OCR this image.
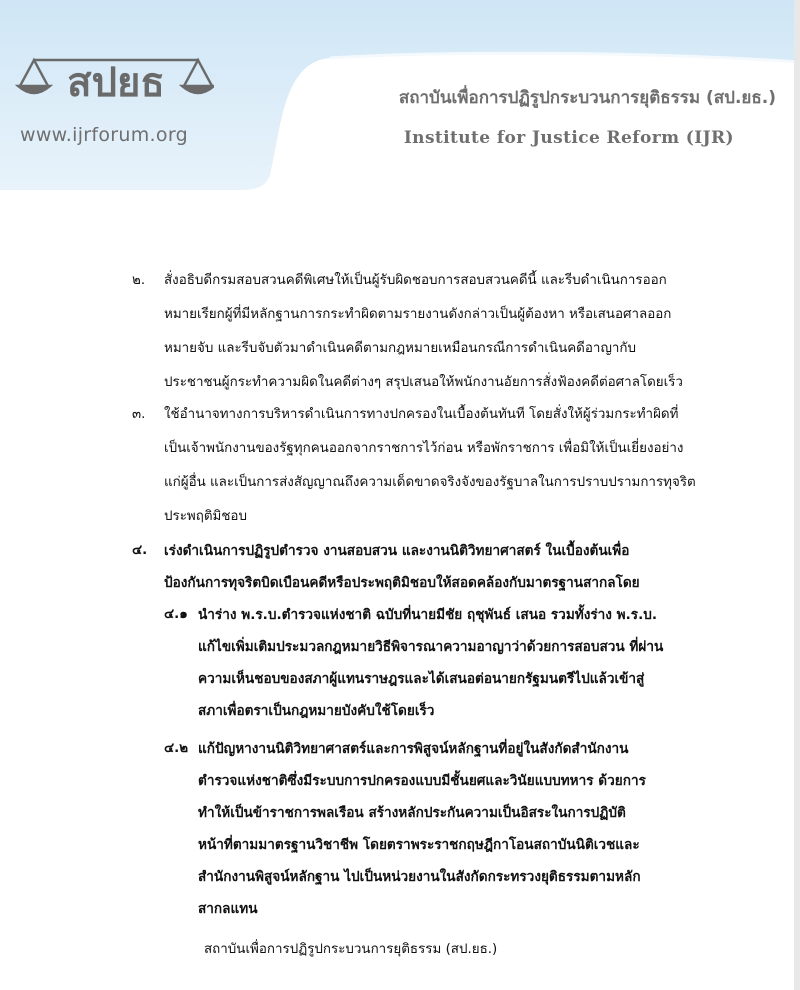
สปยธ
www.ijrforum.org
สถาบันเพื่อการปฏิรูปกระบวนการยุติธรรม (สป.ยธ.)
Institute for Justice Reform (IJR)
๒. สั่งอธิบดีกรมสอบสวนคดีพิเศษให้เป็นผู้รับผิดชอบการสอบสวนคดีนี้ และรีบดำเนินการออก
หมายเรียกผู้ที่มีหลักฐานการกระทำผิดตามรายงานดังกล่าวเป็นผู้ต้องหา หรือเสนอศาลออก
หมายจับ และรีบจับตัวมาดำเนินคดีตามกฎหมายเหมือนกรณีการดำเนินคดีอาญากับ
ประชาชนผู้กระทำความผิดในคดีต่างๆ สรุปเสนอให้พนักงานอัยการสั่งฟ้องคดีต่อศาลโดยเร็ว
๓. ใช้อำนาจทางการบริหารดำเนินการทางปกครองในเบื้องต้นทันที โดยสั่งให้ผู้ร่วมกระทำผิดที่
เป็นเจ้าพนักงานของรัฐทุกคนออกจากราชการไว้ก่อน หรือพักราชการ เพื่อมิให้เป็นเยี่ยงอย่าง
แก่ผู้อื่น และเป็นการส่งสัญญาณถึงความเด็ดขาดจริงจังของรัฐบาลในการปราบปรามการทุจริต
ประพฤติมิชอบ
๔. เร่งดำเนินการปฏิรูปตำรวจ งานสอบสวน และงานนิติวิทยาศาสตร์ ในเบื้องต้นเพื่อ
ป้องกันการทุจริตบิดเบือนคดีหรือประพฤติมิชอบให้สอดคล้องกับมาตรฐานสากลโดย
๔.๑ นำร่าง พ.ร.บ.ตำรวจแห่งชาติ ฉบับที่นายมีชัย ฤชุพันธ์ เสนอ รวมทั้งร่าง พ.ร.บ.
แก้ไขเพิ่มเติมประมวลกฎหมายวิธีพิจารณาความอาญาว่าด้วยการสอบสวน ที่ผ่าน
ความเห็นชอบของสภาผู้แทนราษฎรและได้เสนอต่อนายกรัฐมนตรีไปแล้วเข้าสู่
สภาเพื่อตราเป็นกฎหมายบังคับใช้โดยเร็ว
๔.๒ แก้ปัญหางานนิติวิทยาศาสตร์และการพิสูจน์หลักฐานที่อยู่ในสังกัดสำนักงาน
ตำรวจแห่งชาติซึ่งมีระบบการปกครองแบบมีชั้นยศและวินัยแบบทหาร ด้วยการ
ทำให้เป็นข้าราชการพลเรือน สร้างหลักประกันความเป็นอิสระในการปฏิบัติ
หน้าที่ตามมาตรฐานวิชาชีพ โดยตราพระราชกฤษฎีกาโอนสถาบันนิติเวชและ
สำนักงานพิสูจน์หลักฐาน ไปเป็นหน่วยงานในสังกัดกระทรวงยุติธรรมตามหลัก
สากลแทน
สถาบันเพื่อการปฏิรูปกระบวนการยุติธรรม (สป.ยธ.)
